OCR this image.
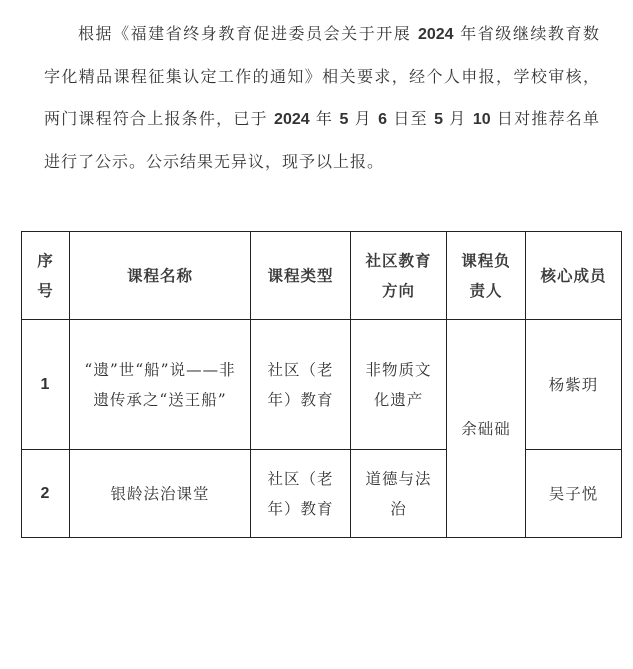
根据《福建省终身教育促进委员会关于开展 2024 年省级继续教育数字化精品课程征集认定工作的通知》相关要求，经个人申报，学校审核，两门课程符合上报条件，已于 2024 年 5 月 6 日至 5 月 10 日对推荐名单进行了公示。公示结果无异议，现予以上报。

序号	课程名称	课程类型	社区教育方向	课程负责人	核心成员
1	“遗”世“船”说——非遗传承之“送王船”	社区（老年）教育	非物质文化遗产	余础础	杨紫玥
2	银龄法治课堂	社区（老年）教育	道德与法治		吴子悦
